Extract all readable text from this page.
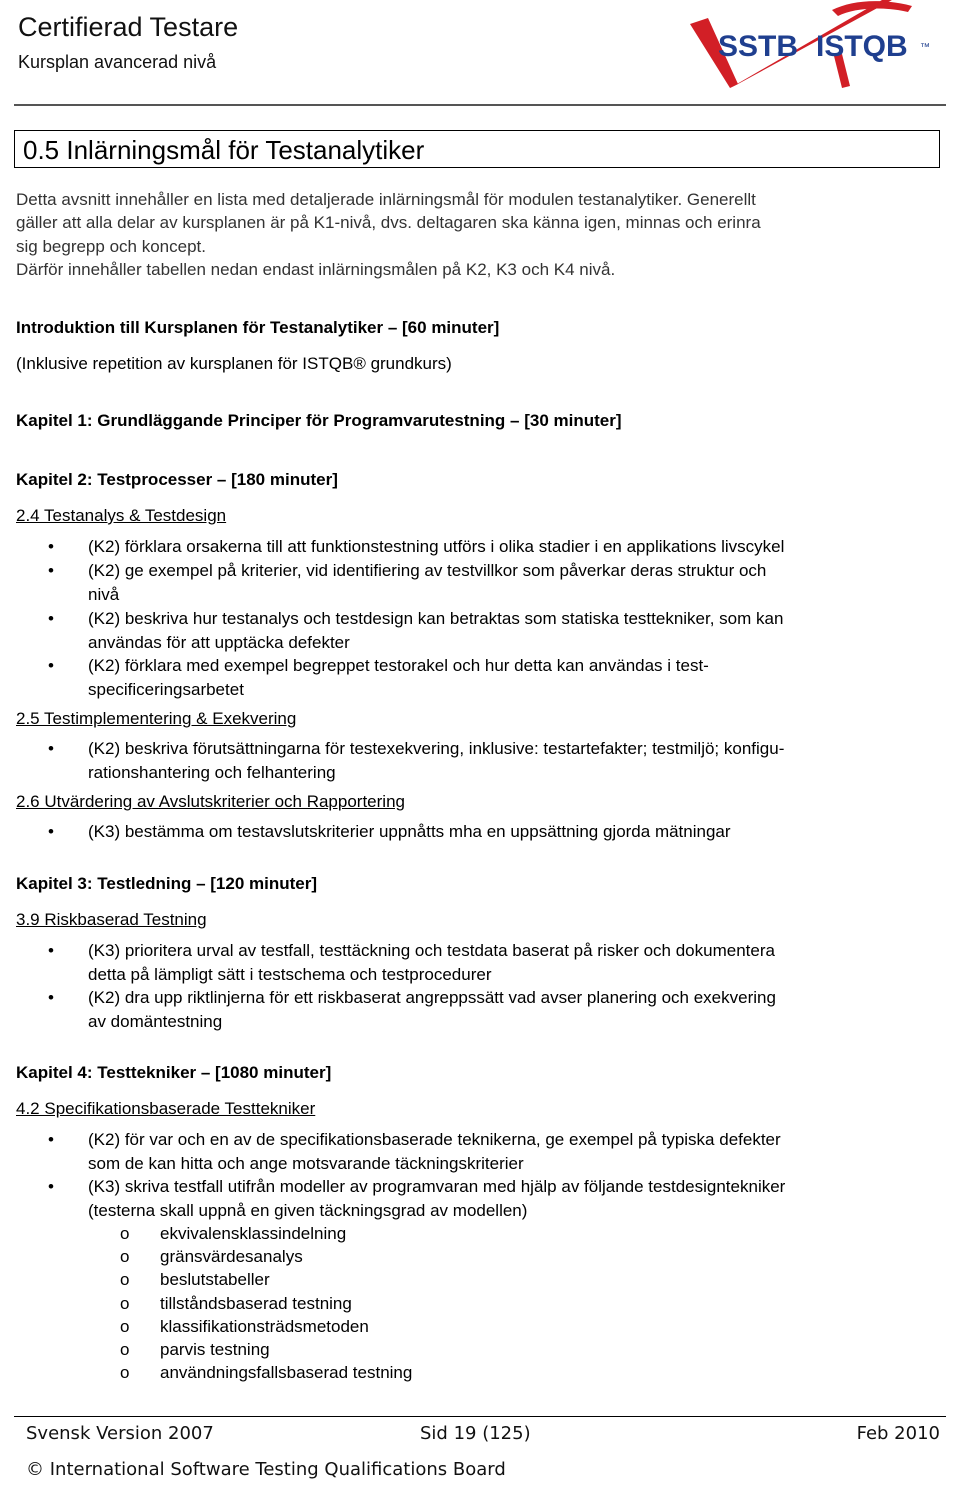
Certifierad Testare
Kursplan avancerad nivå	SSTB ISTQB ™
0.5 Inlärningsmål för Testanalytiker
Detta avsnitt innehåller en lista med detaljerade inlärningsmål för modulen testanalytiker. Generellt
gäller att alla delar av kursplanen är på K1-nivå, dvs. deltagaren ska känna igen, minnas och erinra
sig begrepp och koncept.
Därför innehåller tabellen nedan endast inlärningsmålen på K2, K3 och K4 nivå.
Introduktion till Kursplanen för Testanalytiker – [60 minuter]
(Inklusive repetition av kursplanen för ISTQB® grundkurs)
Kapitel 1: Grundläggande Principer för Programvarutestning – [30 minuter]
Kapitel 2: Testprocesser – [180 minuter]
2.4 Testanalys & Testdesign
•	(K2) förklara orsakerna till att funktionstestning utförs i olika stadier i en applikations livscykel
•	(K2) ge exempel på kriterier, vid identifiering av testvillkor som påverkar deras struktur och
nivå
•	(K2) beskriva hur testanalys och testdesign kan betraktas som statiska testtekniker, som kan
användas för att upptäcka defekter
•	(K2) förklara med exempel begreppet testorakel och hur detta kan användas i test-
specificeringsarbetet
2.5 Testimplementering & Exekvering
•	(K2) beskriva förutsättningarna för testexekvering, inklusive: testartefakter; testmiljö; konfigu-
rationshantering och felhantering
2.6 Utvärdering av Avslutskriterier och Rapportering
•	(K3) bestämma om testavslutskriterier uppnåtts mha en uppsättning gjorda mätningar
Kapitel 3: Testledning – [120 minuter]
3.9 Riskbaserad Testning
•	(K3) prioritera urval av testfall, testtäckning och testdata baserat på risker och dokumentera
detta på lämpligt sätt i testschema och testprocedurer
•	(K2) dra upp riktlinjerna för ett riskbaserat angreppssätt vad avser planering och exekvering
av domäntestning
Kapitel 4: Testtekniker – [1080 minuter]
4.2 Specifikationsbaserade Testtekniker
•	(K2) för var och en av de specifikationsbaserade teknikerna, ge exempel på typiska defekter
som de kan hitta och ange motsvarande täckningskriterier
•	(K3) skriva testfall utifrån modeller av programvaran med hjälp av följande testdesigntekniker
(testerna skall uppnå en given täckningsgrad av modellen)
o ekvivalensklassindelning
o gränsvärdesanalys
o beslutstabeller
o tillståndsbaserad testning
o klassifikationsträdsmetoden
o parvis testning
o användningsfallsbaserad testning
Svensk Version 2007	Sid 19 (125)	Feb 2010
© International Software Testing Qualifications Board
